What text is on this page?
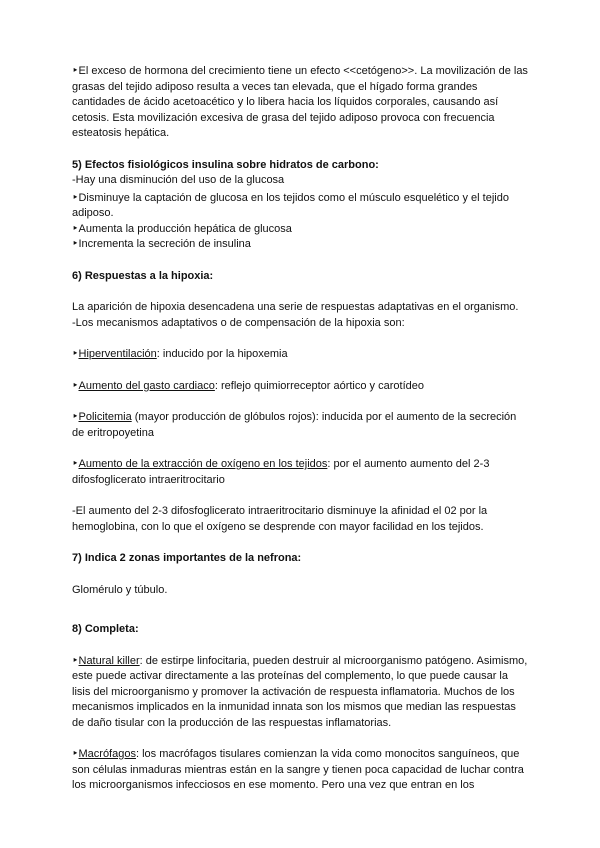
‣El exceso de hormona del crecimiento tiene un efecto <<cetógeno>>. La movilización de las grasas del tejido adiposo resulta a veces tan elevada, que el hígado forma grandes cantidades de ácido acetoacético y lo libera hacia los líquidos corporales, causando así cetosis. Esta movilización excesiva de grasa del tejido adiposo provoca con frecuencia esteatosis hepática.

5) Efectos fisiológicos insulina sobre hidratos de carbono:

-Hay una disminución del uso de la glucosa

‣Disminuye la captación de glucosa en los tejidos como el músculo esquelético y el tejido adiposo.

‣Aumenta la producción hepática de glucosa

‣Incrementa la secreción de insulina

6) Respuestas a la hipoxia:

La aparición de hipoxia desencadena una serie de respuestas adaptativas en el organismo.

-Los mecanismos adaptativos o de compensación de la hipoxia son:

‣Hiperventilación: inducido por la hipoxemia

‣Aumento del gasto cardiaco: reflejo quimiorreceptor aórtico y carotídeo

‣Policitemia (mayor producción de glóbulos rojos): inducida por el aumento de la secreción de eritropoyetina

‣Aumento de la extracción de oxígeno en los tejidos: por el aumento aumento del 2-3 difosfoglicerato intraeritrocitario

-El aumento del 2-3 difosfoglicerato intraeritrocitario disminuye la afinidad el 02 por la hemoglobina, con lo que el oxígeno se desprende con mayor facilidad en los tejidos.

7) Indica 2 zonas importantes de la nefrona:

Glomérulo y túbulo.

8) Completa:

‣Natural killer: de estirpe linfocitaria, pueden destruir al microorganismo patógeno. Asimismo, este puede activar directamente a las proteínas del complemento, lo que puede causar la lisis del microorganismo y promover la activación de respuesta inflamatoria. Muchos de los mecanismos implicados en la inmunidad innata son los mismos que median las respuestas de daño tisular con la producción de las respuestas inflamatorias.

‣Macrófagos: los macrófagos tisulares comienzan la vida como monocitos sanguíneos, que son células inmaduras mientras están en la sangre y tienen poca capacidad de luchar contra los microorganismos infecciosos en ese momento. Pero una vez que entran en los
